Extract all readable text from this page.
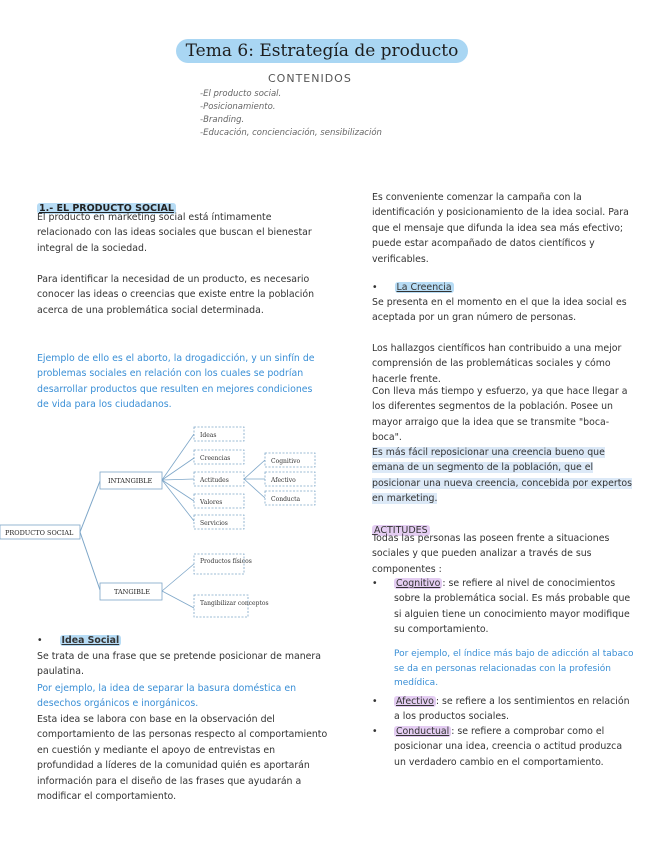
Tema 6: Estrategía de producto
CONTENIDOS
-El producto social.
-Posicionamiento.
-Branding.
-Educación, concienciación, sensibilización
1.- EL PRODUCTO SOCIAL

El producto en marketing social está íntimamente relacionado con las ideas sociales que buscan el bienestar integral de la sociedad.

Para identificar la necesidad de un producto, es necesario conocer las ideas o creencias que existe entre la población acerca de una problemática social determinada.

Ejemplo de ello es el aborto, la drogadicción, y un sinfín de problemas sociales en relación con los cuales se podrían desarrollar productos que resulten en mejores condiciones de vida para los ciudadanos.

PRODUCTO SOCIAL
INTANGIBLE
TANGIBLE
Ideas
Creencias
Actitudes
Valores
Servicios
Cognitivo
Afectivo
Conducta
Productos físicos
Tangibilizar conceptos
• Idea Social

Se trata de una frase que se pretende posicionar de manera paulatina.

Por ejemplo, la idea de separar la basura doméstica en desechos orgánicos e inorgánicos.

Esta idea se labora con base en la observación del comportamiento de las personas respecto al comportamiento en cuestión y mediante el apoyo de entrevistas en profundidad a líderes de la comunidad quién es aportarán información para el diseño de las frases que ayudarán a modificar el comportamiento.

Es conveniente comenzar la campaña con la identificación y posicionamiento de la idea social. Para que el mensaje que difunda la idea sea más efectivo; puede estar acompañado de datos científicos y verificables.

• La Creencia

Se presenta en el momento en el que la idea social es aceptada por un gran número de personas.

Los hallazgos científicos han contribuido a una mejor comprensión de las problemáticas sociales y cómo hacerle frente.

Con lleva más tiempo y esfuerzo, ya que hace llegar a los diferentes segmentos de la población. Posee un mayor arraigo que la idea que se transmite "boca-boca".

Es más fácil reposicionar una creencia bueno que emana de un segmento de la población, que el posicionar una nueva creencia, concebida por expertos en marketing.

ACTITUDES

Todas las personas las poseen frente a situaciones sociales y que pueden analizar a través de sus componentes :

• Cognitivo : se refiere al nivel de conocimientos sobre la problemática social. Es más probable que si alguien tiene un conocimiento mayor modifique su comportamiento.

Por ejemplo, el índice más bajo de adicción al tabaco se da en personas relacionadas con la profesión medídica.

• Afectivo : se refiere a los sentimientos en relación a los productos sociales.
• Conductual : se refiere a comprobar como el posicionar una idea, creencia o actitud produzca un verdadero cambio en el comportamiento.
